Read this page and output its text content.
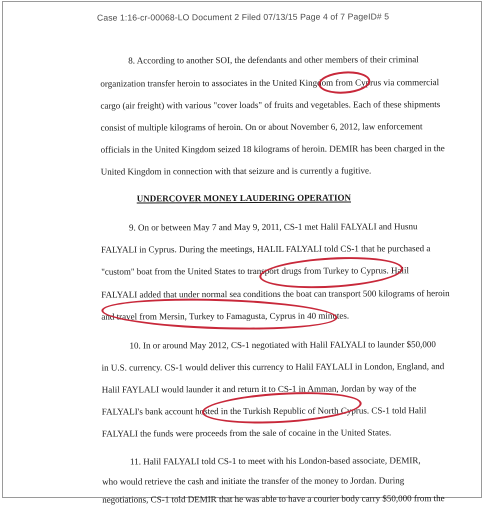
Case 1:16-cr-00068-LO Document 2 Filed 07/13/15 Page 4 of 7 PageID# 5
8. According to another SOI, the defendants and other members of their criminal
organization transfer heroin to associates in the United Kingdom from Cyprus via commercial
cargo (air freight) with various "cover loads" of fruits and vegetables. Each of these shipments
consist of multiple kilograms of heroin. On or about November 6, 2012, law enforcement
officials in the United Kingdom seized 18 kilograms of heroin. DEMIR has been charged in the
United Kingdom in connection with that seizure and is currently a fugitive.
UNDERCOVER MONEY LAUDERING OPERATION
9. On or between May 7 and May 9, 2011, CS-1 met Halil FALYALI and Husnu
FALYALI in Cyprus. During the meetings, HALIL FALYALI told CS-1 that he purchased a
"custom" boat from the United States to transport drugs from Turkey to Cyprus. Halil
FALYALI added that under normal sea conditions the boat can transport 500 kilograms of heroin
and travel from Mersin, Turkey to Famagusta, Cyprus in 40 minutes.
10. In or around May 2012, CS-1 negotiated with Halil FALYALI to launder $50,000
in U.S. currency. CS-1 would deliver this currency to Halil FAYLALI in London, England, and
Halil FAYLALI would launder it and return it to CS-1 in Amman, Jordan by way of the
FALYALI's bank account hosted in the Turkish Republic of North Cyprus. CS-1 told Halil
FALYALI the funds were proceeds from the sale of cocaine in the United States.
11. Halil FALYALI told CS-1 to meet with his London-based associate, DEMIR,
who would retrieve the cash and initiate the transfer of the money to Jordan. During
negotiations, CS-1 told DEMIR that he was able to have a courier body carry $50,000 from the
